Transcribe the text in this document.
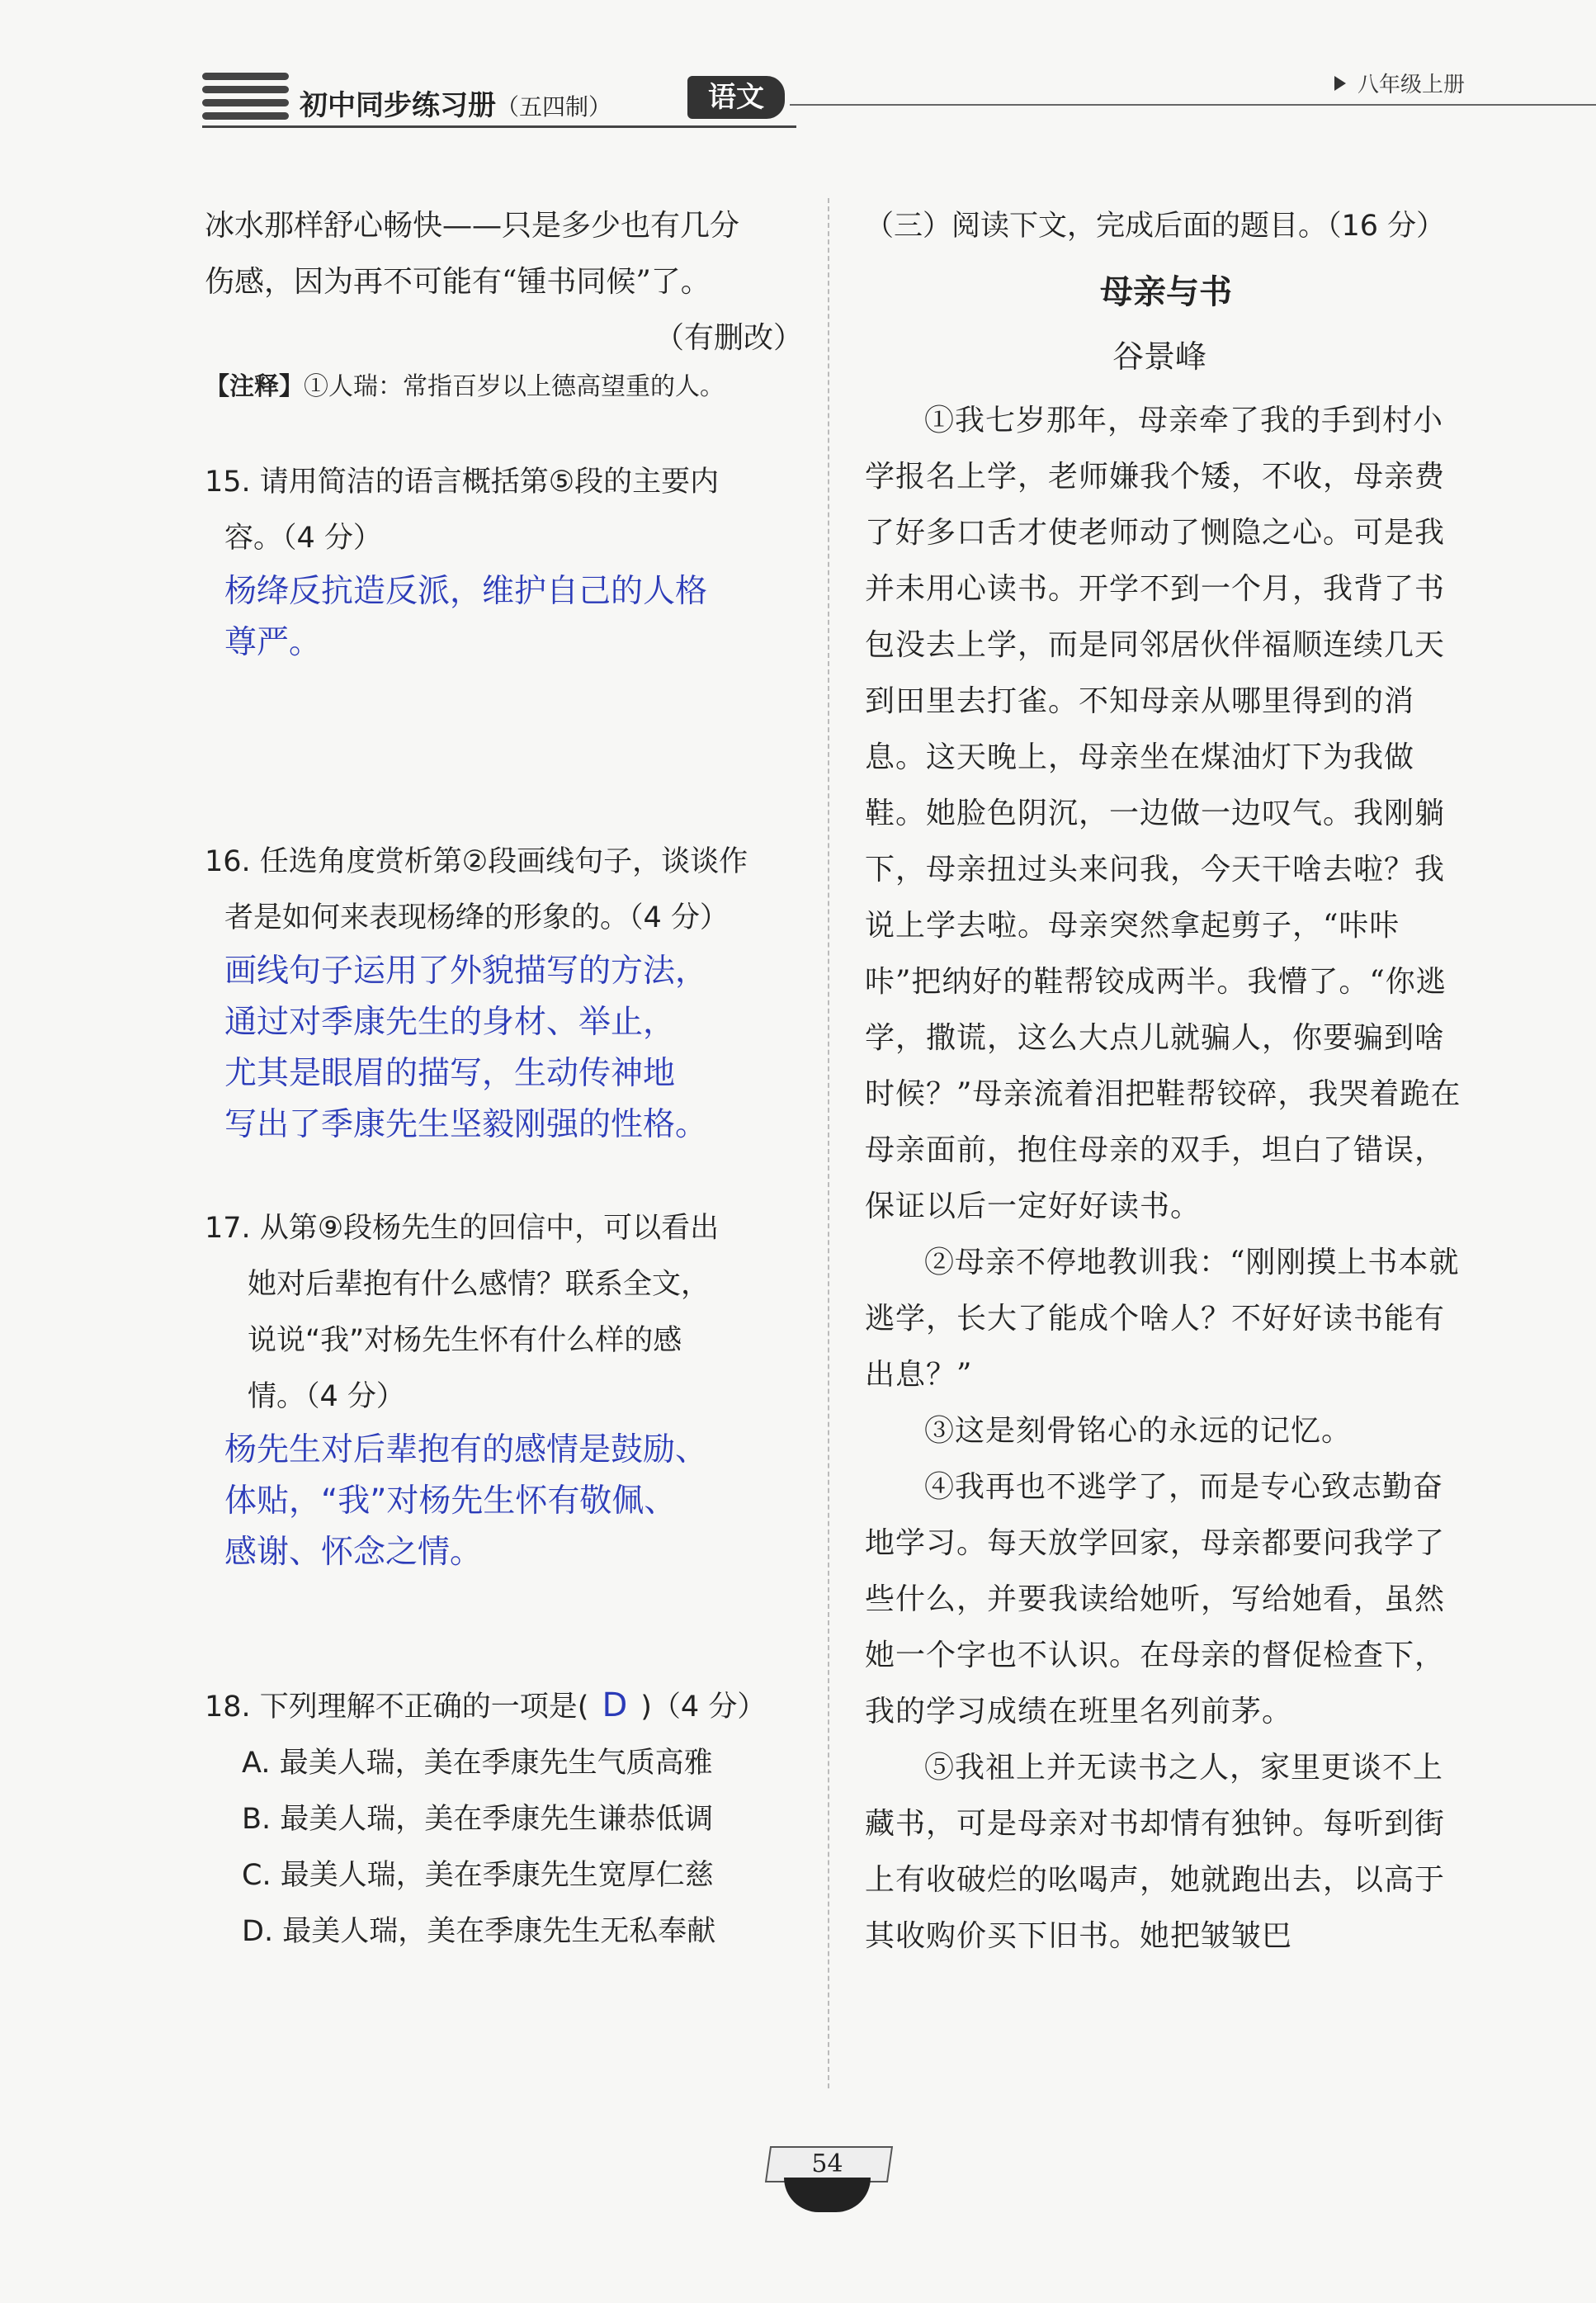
初中同步练习册（五四制）	语文	八年级上册
冰水那样舒心畅快——只是多少也有几分
伤感，因为再不可能有“锺书同候”了。
（有删改）
【注释】①人瑞：常指百岁以上德高望重的人。
15. 请用简洁的语言概括第⑤段的主要内
容。（4 分）
杨绛反抗造反派，维护自己的人格
尊严。
16. 任选角度赏析第②段画线句子，谈谈作
者是如何来表现杨绛的形象的。（4 分）
画线句子运用了外貌描写的方法，
通过对季康先生的身材、举止，
尤其是眼眉的描写，生动传神地
写出了季康先生坚毅刚强的性格。
17. 从第⑨段杨先生的回信中，可以看出
她对后辈抱有什么感情？联系全文，
说说“我”对杨先生怀有什么样的感
情。（4 分）
杨先生对后辈抱有的感情是鼓励、
体贴，“我”对杨先生怀有敬佩、
感谢、怀念之情。
18. 下列理解不正确的一项是( D )（4 分）
A. 最美人瑞，美在季康先生气质高雅
B. 最美人瑞，美在季康先生谦恭低调
C. 最美人瑞，美在季康先生宽厚仁慈
D. 最美人瑞，美在季康先生无私奉献
（三）阅读下文，完成后面的题目。（16 分）
母亲与书
谷景峰
①我七岁那年，母亲牵了我的手到村小学报名上学，老师嫌我个矮，不收，母亲费了好多口舌才使老师动了恻隐之心。可是我并未用心读书。开学不到一个月，我背了书包没去上学，而是同邻居伙伴福顺连续几天到田里去打雀。不知母亲从哪里得到的消息。这天晚上，母亲坐在煤油灯下为我做鞋。她脸色阴沉，一边做一边叹气。我刚躺下，母亲扭过头来问我，今天干啥去啦？我说上学去啦。母亲突然拿起剪子，“咔咔咔”把纳好的鞋帮铰成两半。我懵了。“你逃学，撒谎，这么大点儿就骗人，你要骗到啥时候？”母亲流着泪把鞋帮铰碎，我哭着跪在母亲面前，抱住母亲的双手，坦白了错误，保证以后一定好好读书。
②母亲不停地教训我：“刚刚摸上书本就逃学，长大了能成个啥人？不好好读书能有出息？”
③这是刻骨铭心的永远的记忆。
④我再也不逃学了，而是专心致志勤奋地学习。每天放学回家，母亲都要问我学了些什么，并要我读给她听，写给她看，虽然她一个字也不认识。在母亲的督促检查下，我的学习成绩在班里名列前茅。
⑤我祖上并无读书之人，家里更谈不上藏书，可是母亲对书却情有独钟。每听到街上有收破烂的吆喝声，她就跑出去，以高于其收购价买下旧书。她把皱皱巴
54
